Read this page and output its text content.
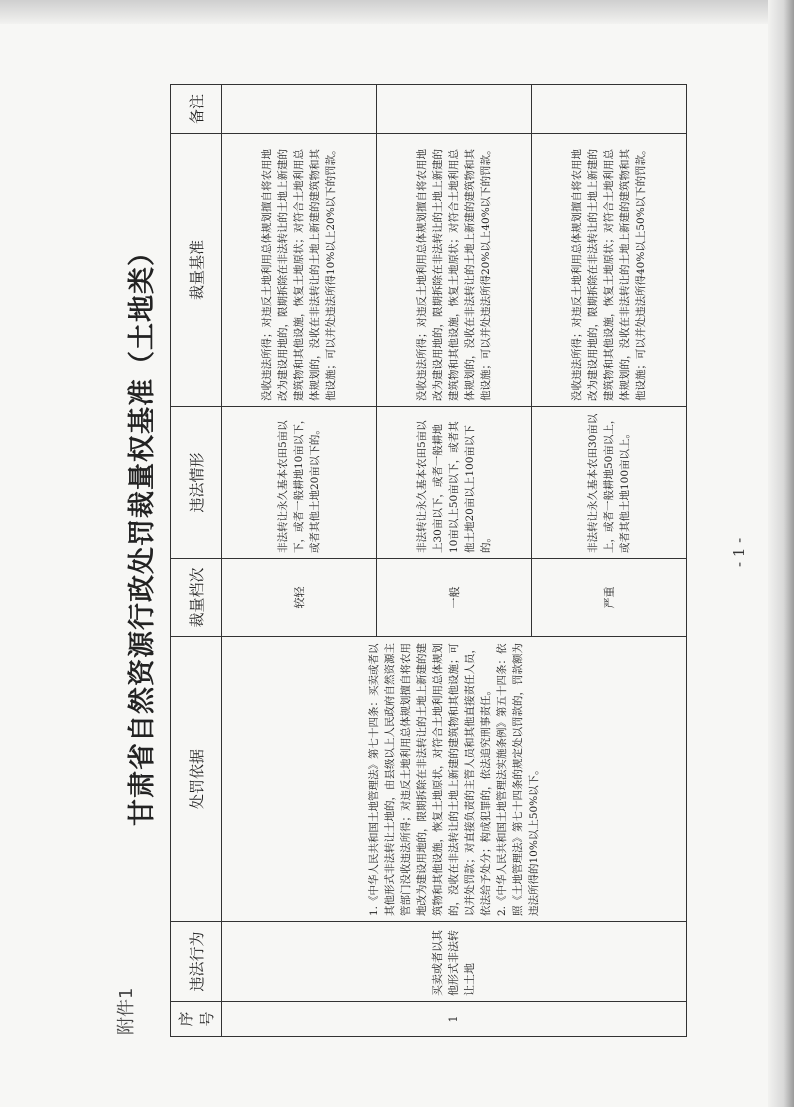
附件1
甘肃省自然资源行政处罚裁量权基准（土地类）
序号	违法行为	处罚依据	裁量档次	违法情形	裁量基准	备注
1	买卖或者以其他形式非法转让土地	1.《中华人民共和国土地管理法》第七十四条：买卖或者以其他形式非法转让土地的，由县级以上人民政府自然资源主管部门没收违法所得；对违反土地利用总体规划擅自将农用地改为建设用地的，限期拆除在非法转让的土地上新建的建筑物和其他设施，恢复土地原状，对符合土地利用总体规划的，没收在非法转让的土地上新建的建筑物和其他设施；可以并处罚款；对直接负责的主管人员和其他直接责任人员，依法给予处分；构成犯罪的，依法追究刑事责任。
2.《中华人民共和国土地管理法实施条例》第五十四条：依照《土地管理法》第七十四条的规定处以罚款的，罚款额为违法所得的10%以上50%以下。	较轻	非法转让永久基本农田5亩以下，或者一般耕地10亩以下，或者其他土地20亩以下的。	没收违法所得；对违反土地利用总体规划擅自将农用地改为建设用地的，限期拆除在非法转让的土地上新建的建筑物和其他设施，恢复土地原状；对符合土地利用总体规划的，没收在非法转让的土地上新建的建筑物和其他设施；可以并处违法所得10%以上20%以下的罚款。	
			一般	非法转让永久基本农田5亩以上30亩以下，或者一般耕地10亩以上50亩以下，或者其他土地20亩以上100亩以下的。	没收违法所得；对违反土地利用总体规划擅自将农用地改为建设用地的，限期拆除在非法转让的土地上新建的建筑物和其他设施，恢复土地原状；对符合土地利用总体规划的，没收在非法转让的土地上新建的建筑物和其他设施；可以并处违法所得20%以上40%以下的罚款。	
			严重	非法转让永久基本农田30亩以上，或者一般耕地50亩以上，或者其他土地100亩以上。	没收违法所得；对违反土地利用总体规划擅自将农用地改为建设用地的，限期拆除在非法转让的土地上新建的建筑物和其他设施，恢复土地原状；对符合土地利用总体规划的，没收在非法转让的土地上新建的建筑物和其他设施；可以并处违法所得40%以上50%以下的罚款。	
- 1 -
